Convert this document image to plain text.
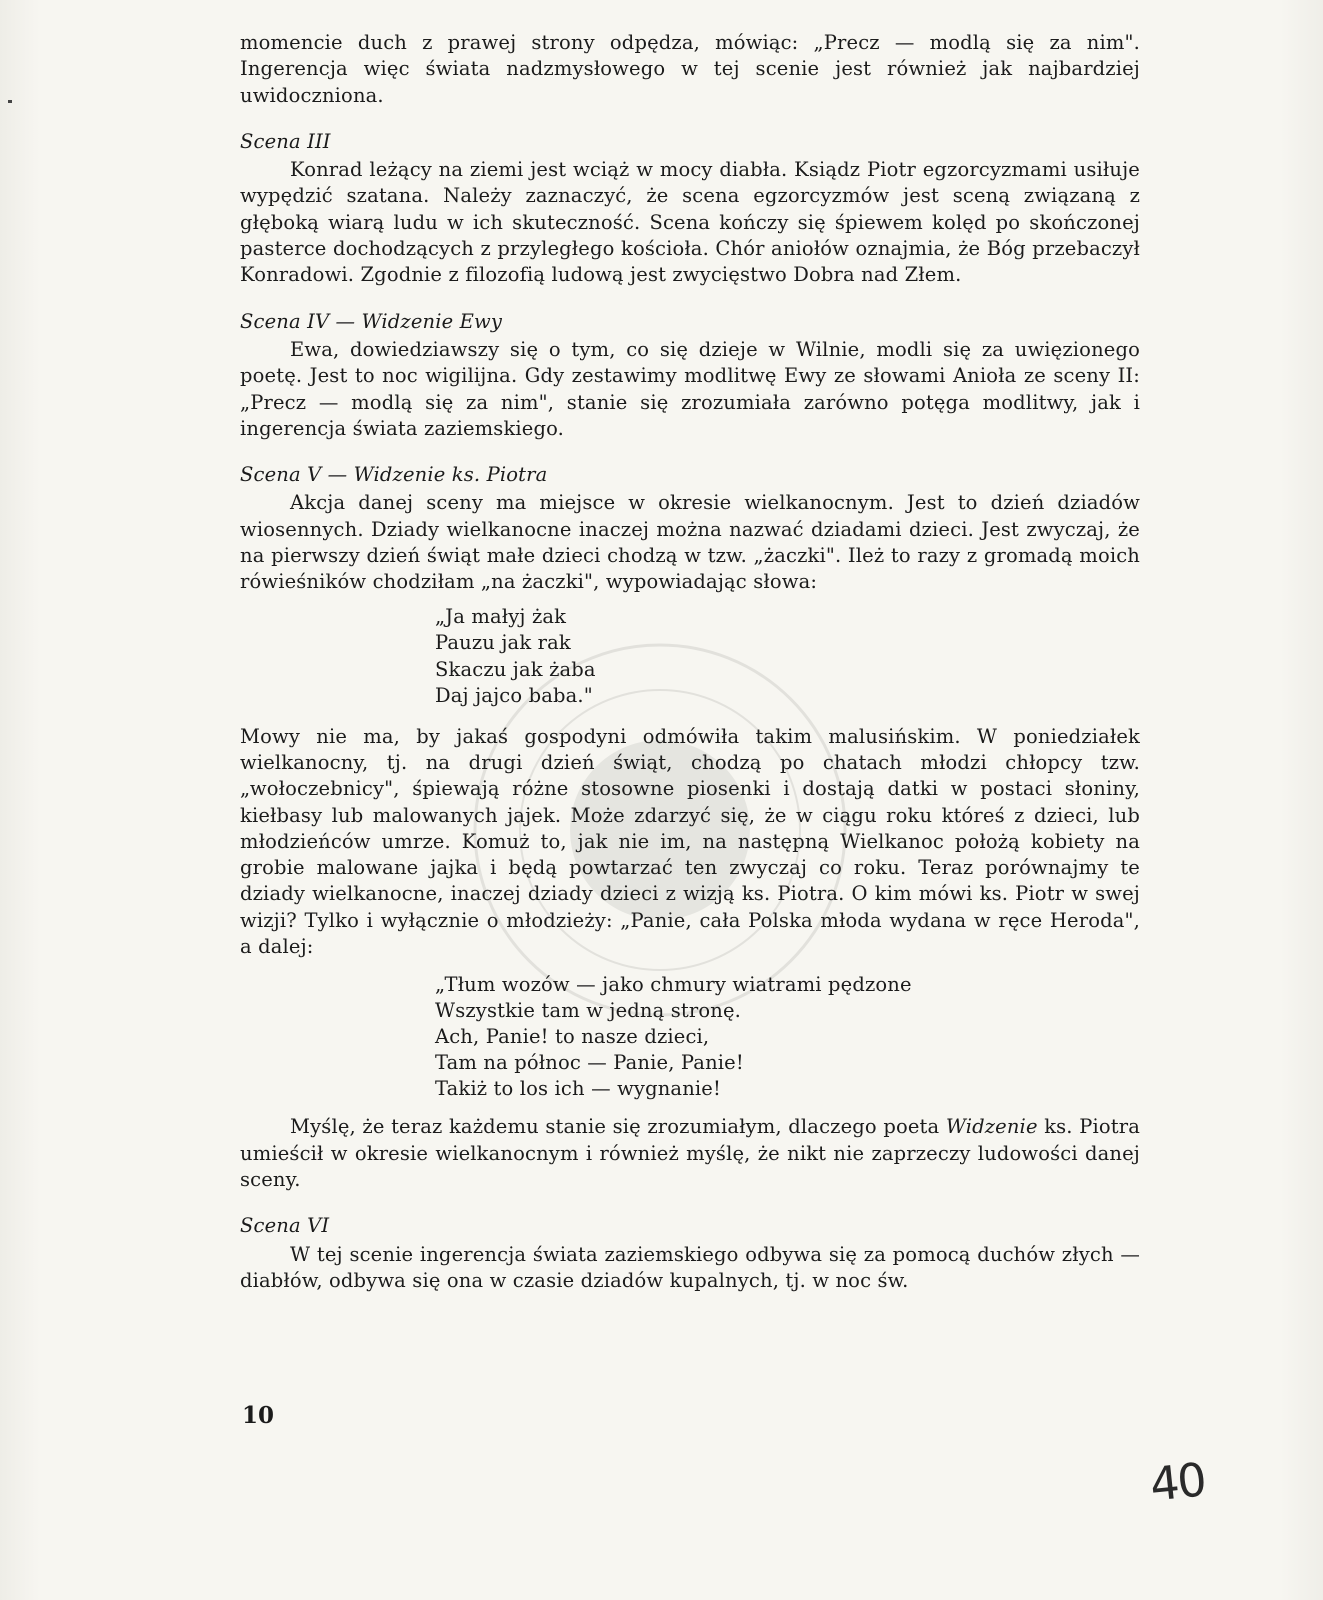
momencie duch z prawej strony odpędza, mówiąc: „Precz — modlą się za nim". Ingerencja więc świata nadzmysłowego w tej scenie jest również jak najbardziej uwidoczniona.

Scena III

Konrad leżący na ziemi jest wciąż w mocy diabła. Ksiądz Piotr egzorcyzmami usiłuje wypędzić szatana. Należy zaznaczyć, że scena egzorcyzmów jest sceną związaną z głęboką wiarą ludu w ich skuteczność. Scena kończy się śpiewem kolęd po skończonej pasterce dochodzących z przyległego kościoła. Chór aniołów oznajmia, że Bóg przebaczył Konradowi. Zgodnie z filozofią ludową jest zwycięstwo Dobra nad Złem.

Scena IV — Widzenie Ewy

Ewa, dowiedziawszy się o tym, co się dzieje w Wilnie, modli się za uwięzionego poetę. Jest to noc wigilijna. Gdy zestawimy modlitwę Ewy ze słowami Anioła ze sceny II: „Precz — modlą się za nim", stanie się zrozumiała zarówno potęga modlitwy, jak i ingerencja świata zaziemskiego.

Scena V — Widzenie ks. Piotra

Akcja danej sceny ma miejsce w okresie wielkanocnym. Jest to dzień dziadów wiosennych. Dziady wielkanocne inaczej można nazwać dziadami dzieci. Jest zwyczaj, że na pierwszy dzień świąt małe dzieci chodzą w tzw. „żaczki". Ileż to razy z gromadą moich rówieśników chodziłam „na żaczki", wypowiadając słowa:

„Ja małyj żak
Pauzu jak rak
Skaczu jak żaba
Daj jajco baba."

Mowy nie ma, by jakaś gospodyni odmówiła takim malusińskim. W poniedziałek wielkanocny, tj. na drugi dzień świąt, chodzą po chatach młodzi chłopcy tzw. „wołoczebnicy", śpiewają różne stosowne piosenki i dostają datki w postaci słoniny, kiełbasy lub malowanych jajek. Może zdarzyć się, że w ciągu roku któreś z dzieci, lub młodzieńców umrze. Komuż to, jak nie im, na następną Wielkanoc położą kobiety na grobie malowane jajka i będą powtarzać ten zwyczaj co roku. Teraz porównajmy te dziady wielkanocne, inaczej dziady dzieci z wizją ks. Piotra. O kim mówi ks. Piotr w swej wizji? Tylko i wyłącznie o młodzieży: „Panie, cała Polska młoda wydana w ręce Heroda", a dalej:

„Tłum wozów — jako chmury wiatrami pędzone
Wszystkie tam w jedną stronę.
Ach, Panie! to nasze dzieci,
Tam na północ — Panie, Panie!
Takiż to los ich — wygnanie!

Myślę, że teraz każdemu stanie się zrozumiałym, dlaczego poeta Widzenie ks. Piotra umieścił w okresie wielkanocnym i również myślę, że nikt nie zaprzeczy ludowości danej sceny.

Scena VI

W tej scenie ingerencja świata zaziemskiego odbywa się za pomocą duchów złych — diabłów, odbywa się ona w czasie dziadów kupalnych, tj. w noc św.

10
40
